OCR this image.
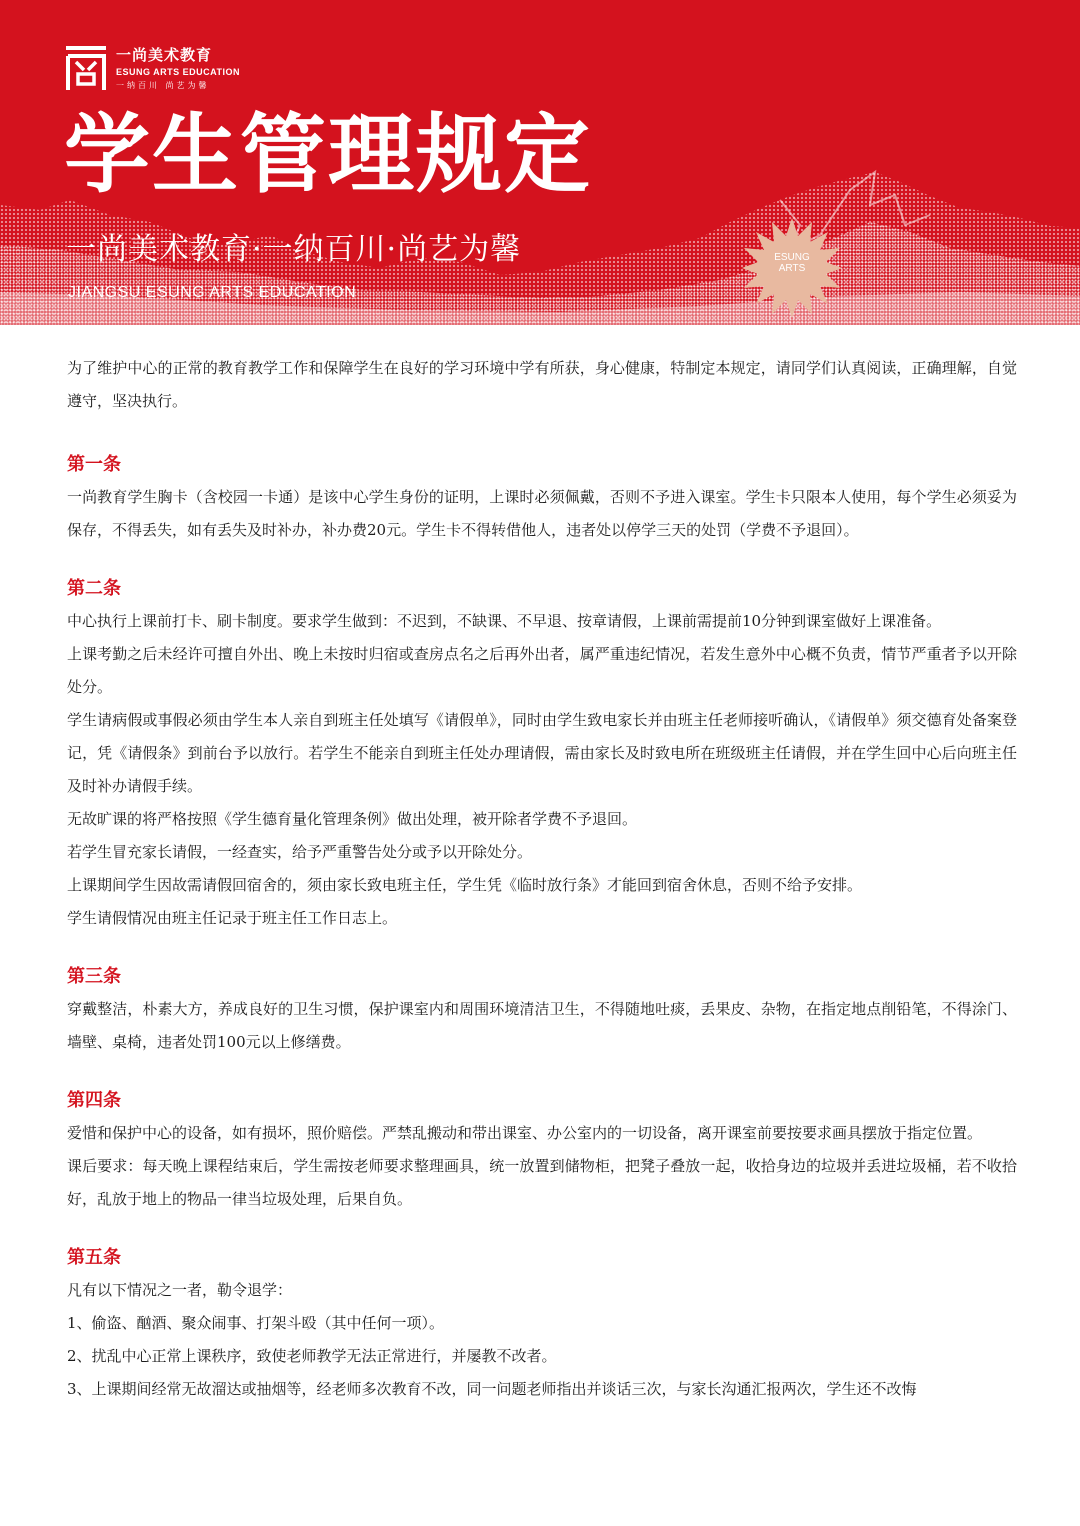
一尚美术教育
ESUNG ARTS EDUCATION
一纳百川 尚艺为馨
学生管理规定
一尚美术教育·一纳百川·尚艺为馨
JIANGSU ESUNG ARTS EDUCATION
ESUNG
ARTS

为了维护中心的正常的教育教学工作和保障学生在良好的学习环境中学有所获，身心健康，特制定本规定，请同学们认真阅读，正确理解，自觉遵守，坚决执行。

第一条

一尚教育学生胸卡（含校园一卡通）是该中心学生身份的证明，上课时必须佩戴，否则不予进入课室。学生卡只限本人使用，每个学生必须妥为保存，不得丢失，如有丢失及时补办，补办费20元。学生卡不得转借他人，违者处以停学三天的处罚（学费不予退回）。

第二条

中心执行上课前打卡、刷卡制度。要求学生做到：不迟到，不缺课、不早退、按章请假，上课前需提前10分钟到课室做好上课准备。

上课考勤之后未经许可擅自外出、晚上未按时归宿或查房点名之后再外出者，属严重违纪情况，若发生意外中心概不负责，情节严重者予以开除处分。

学生请病假或事假必须由学生本人亲自到班主任处填写《请假单》，同时由学生致电家长并由班主任老师接听确认，《请假单》须交德育处备案登记，凭《请假条》到前台予以放行。若学生不能亲自到班主任处办理请假，需由家长及时致电所在班级班主任请假，并在学生回中心后向班主任及时补办请假手续。

无故旷课的将严格按照《学生德育量化管理条例》做出处理，被开除者学费不予退回。

若学生冒充家长请假，一经查实，给予严重警告处分或予以开除处分。

上课期间学生因故需请假回宿舍的，须由家长致电班主任，学生凭《临时放行条》才能回到宿舍休息，否则不给予安排。

学生请假情况由班主任记录于班主任工作日志上。

第三条

穿戴整洁，朴素大方，养成良好的卫生习惯，保护课室内和周围环境清洁卫生，不得随地吐痰，丢果皮、杂物，在指定地点削铅笔，不得涂门、墙壁、桌椅，违者处罚100元以上修缮费。

第四条

爱惜和保护中心的设备，如有损坏，照价赔偿。严禁乱搬动和带出课室、办公室内的一切设备，离开课室前要按要求画具摆放于指定位置。

课后要求：每天晚上课程结束后，学生需按老师要求整理画具，统一放置到储物柜，把凳子叠放一起，收拾身边的垃圾并丢进垃圾桶，若不收拾好，乱放于地上的物品一律当垃圾处理，后果自负。

第五条

凡有以下情况之一者，勒令退学：

1、偷盗、酗酒、聚众闹事、打架斗殴（其中任何一项）。

2、扰乱中心正常上课秩序，致使老师教学无法正常进行，并屡教不改者。

3、上课期间经常无故溜达或抽烟等，经老师多次教育不改，同一问题老师指出并谈话三次，与家长沟通汇报两次，学生还不改悔
